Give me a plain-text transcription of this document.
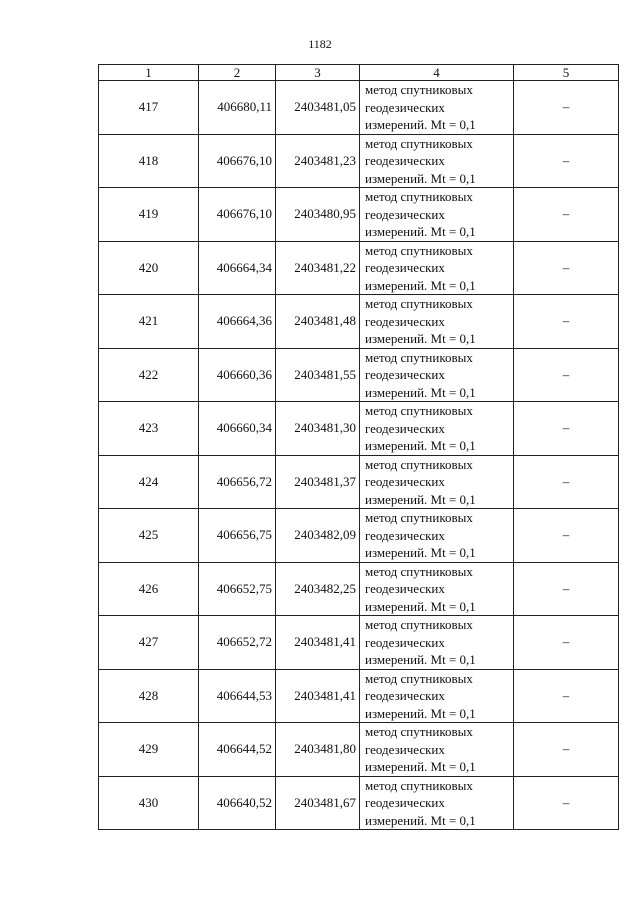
1182
1	2	3	4	5
417	406680,11	2403481,05	метод спутниковых
геодезических
измерений. Mt = 0,1	–
418	406676,10	2403481,23	метод спутниковых
геодезических
измерений. Mt = 0,1	–
419	406676,10	2403480,95	метод спутниковых
геодезических
измерений. Mt = 0,1	–
420	406664,34	2403481,22	метод спутниковых
геодезических
измерений. Mt = 0,1	–
421	406664,36	2403481,48	метод спутниковых
геодезических
измерений. Mt = 0,1	–
422	406660,36	2403481,55	метод спутниковых
геодезических
измерений. Mt = 0,1	–
423	406660,34	2403481,30	метод спутниковых
геодезических
измерений. Mt = 0,1	–
424	406656,72	2403481,37	метод спутниковых
геодезических
измерений. Mt = 0,1	–
425	406656,75	2403482,09	метод спутниковых
геодезических
измерений. Mt = 0,1	–
426	406652,75	2403482,25	метод спутниковых
геодезических
измерений. Mt = 0,1	–
427	406652,72	2403481,41	метод спутниковых
геодезических
измерений. Mt = 0,1	–
428	406644,53	2403481,41	метод спутниковых
геодезических
измерений. Mt = 0,1	–
429	406644,52	2403481,80	метод спутниковых
геодезических
измерений. Mt = 0,1	–
430	406640,52	2403481,67	метод спутниковых
геодезических
измерений. Mt = 0,1	–
